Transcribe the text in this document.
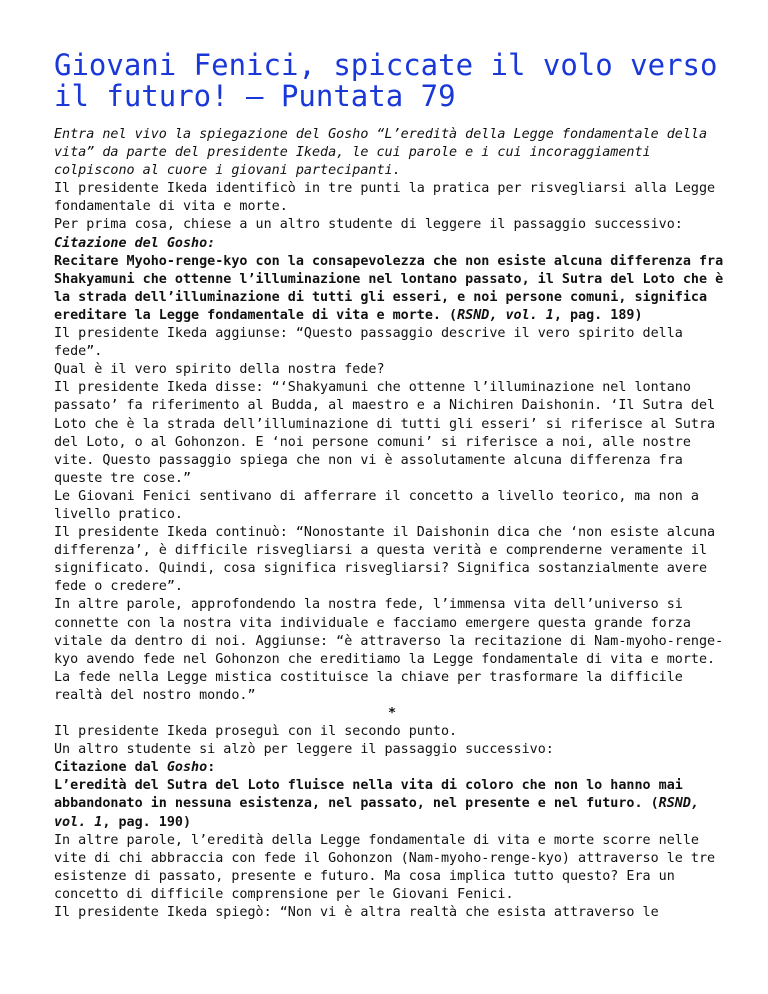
Giovani Fenici, spiccate il volo verso il futuro! – Puntata 79

Entra nel vivo la spiegazione del Gosho “L’eredità della Legge fondamentale della vita” da parte del presidente Ikeda, le cui parole e i cui incoraggiamenti colpiscono al cuore i giovani partecipanti.

Il presidente Ikeda identificò in tre punti la pratica per risvegliarsi alla Legge fondamentale di vita e morte.

Per prima cosa, chiese a un altro studente di leggere il passaggio successivo:

Citazione del Gosho:

Recitare Myoho-renge-kyo con la consapevolezza che non esiste alcuna differenza fra Shakyamuni che ottenne l’illuminazione nel lontano passato, il Sutra del Loto che è la strada dell’illuminazione di tutti gli esseri, e noi persone comuni, significa ereditare la Legge fondamentale di vita e morte. (RSND, vol. 1, pag. 189)

Il presidente Ikeda aggiunse: “Questo passaggio descrive il vero spirito della fede”.

Qual è il vero spirito della nostra fede?

Il presidente Ikeda disse: “‘Shakyamuni che ottenne l’illuminazione nel lontano passato’ fa riferimento al Budda, al maestro e a Nichiren Daishonin. ‘Il Sutra del Loto che è la strada dell’illuminazione di tutti gli esseri’ si riferisce al Sutra del Loto, o al Gohonzon. E ‘noi persone comuni’ si riferisce a noi, alle nostre vite. Questo passaggio spiega che non vi è assolutamente alcuna differenza fra queste tre cose.”

Le Giovani Fenici sentivano di afferrare il concetto a livello teorico, ma non a livello pratico.

Il presidente Ikeda continuò: “Nonostante il Daishonin dica che ‘non esiste alcuna differenza’, è difficile risvegliarsi a questa verità e comprenderne veramente il significato. Quindi, cosa significa risvegliarsi? Significa sostanzialmente avere fede o credere”.

In altre parole, approfondendo la nostra fede, l’immensa vita dell’universo si connette con la nostra vita individuale e facciamo emergere questa grande forza vitale da dentro di noi. Aggiunse: “è attraverso la recitazione di Nam-myoho-renge-kyo avendo fede nel Gohonzon che ereditiamo la Legge fondamentale di vita e morte. La fede nella Legge mistica costituisce la chiave per trasformare la difficile realtà del nostro mondo.”

*

Il presidente Ikeda proseguì con il secondo punto.

Un altro studente si alzò per leggere il passaggio successivo:

Citazione dal Gosho:

L’eredità del Sutra del Loto fluisce nella vita di coloro che non lo hanno mai abbandonato in nessuna esistenza, nel passato, nel presente e nel futuro. (RSND, vol. 1, pag. 190)

In altre parole, l’eredità della Legge fondamentale di vita e morte scorre nelle vite di chi abbraccia con fede il Gohonzon (Nam-myoho-renge-kyo) attraverso le tre esistenze di passato, presente e futuro. Ma cosa implica tutto questo? Era un concetto di difficile comprensione per le Giovani Fenici.

Il presidente Ikeda spiegò: “Non vi è altra realtà che esista attraverso le
